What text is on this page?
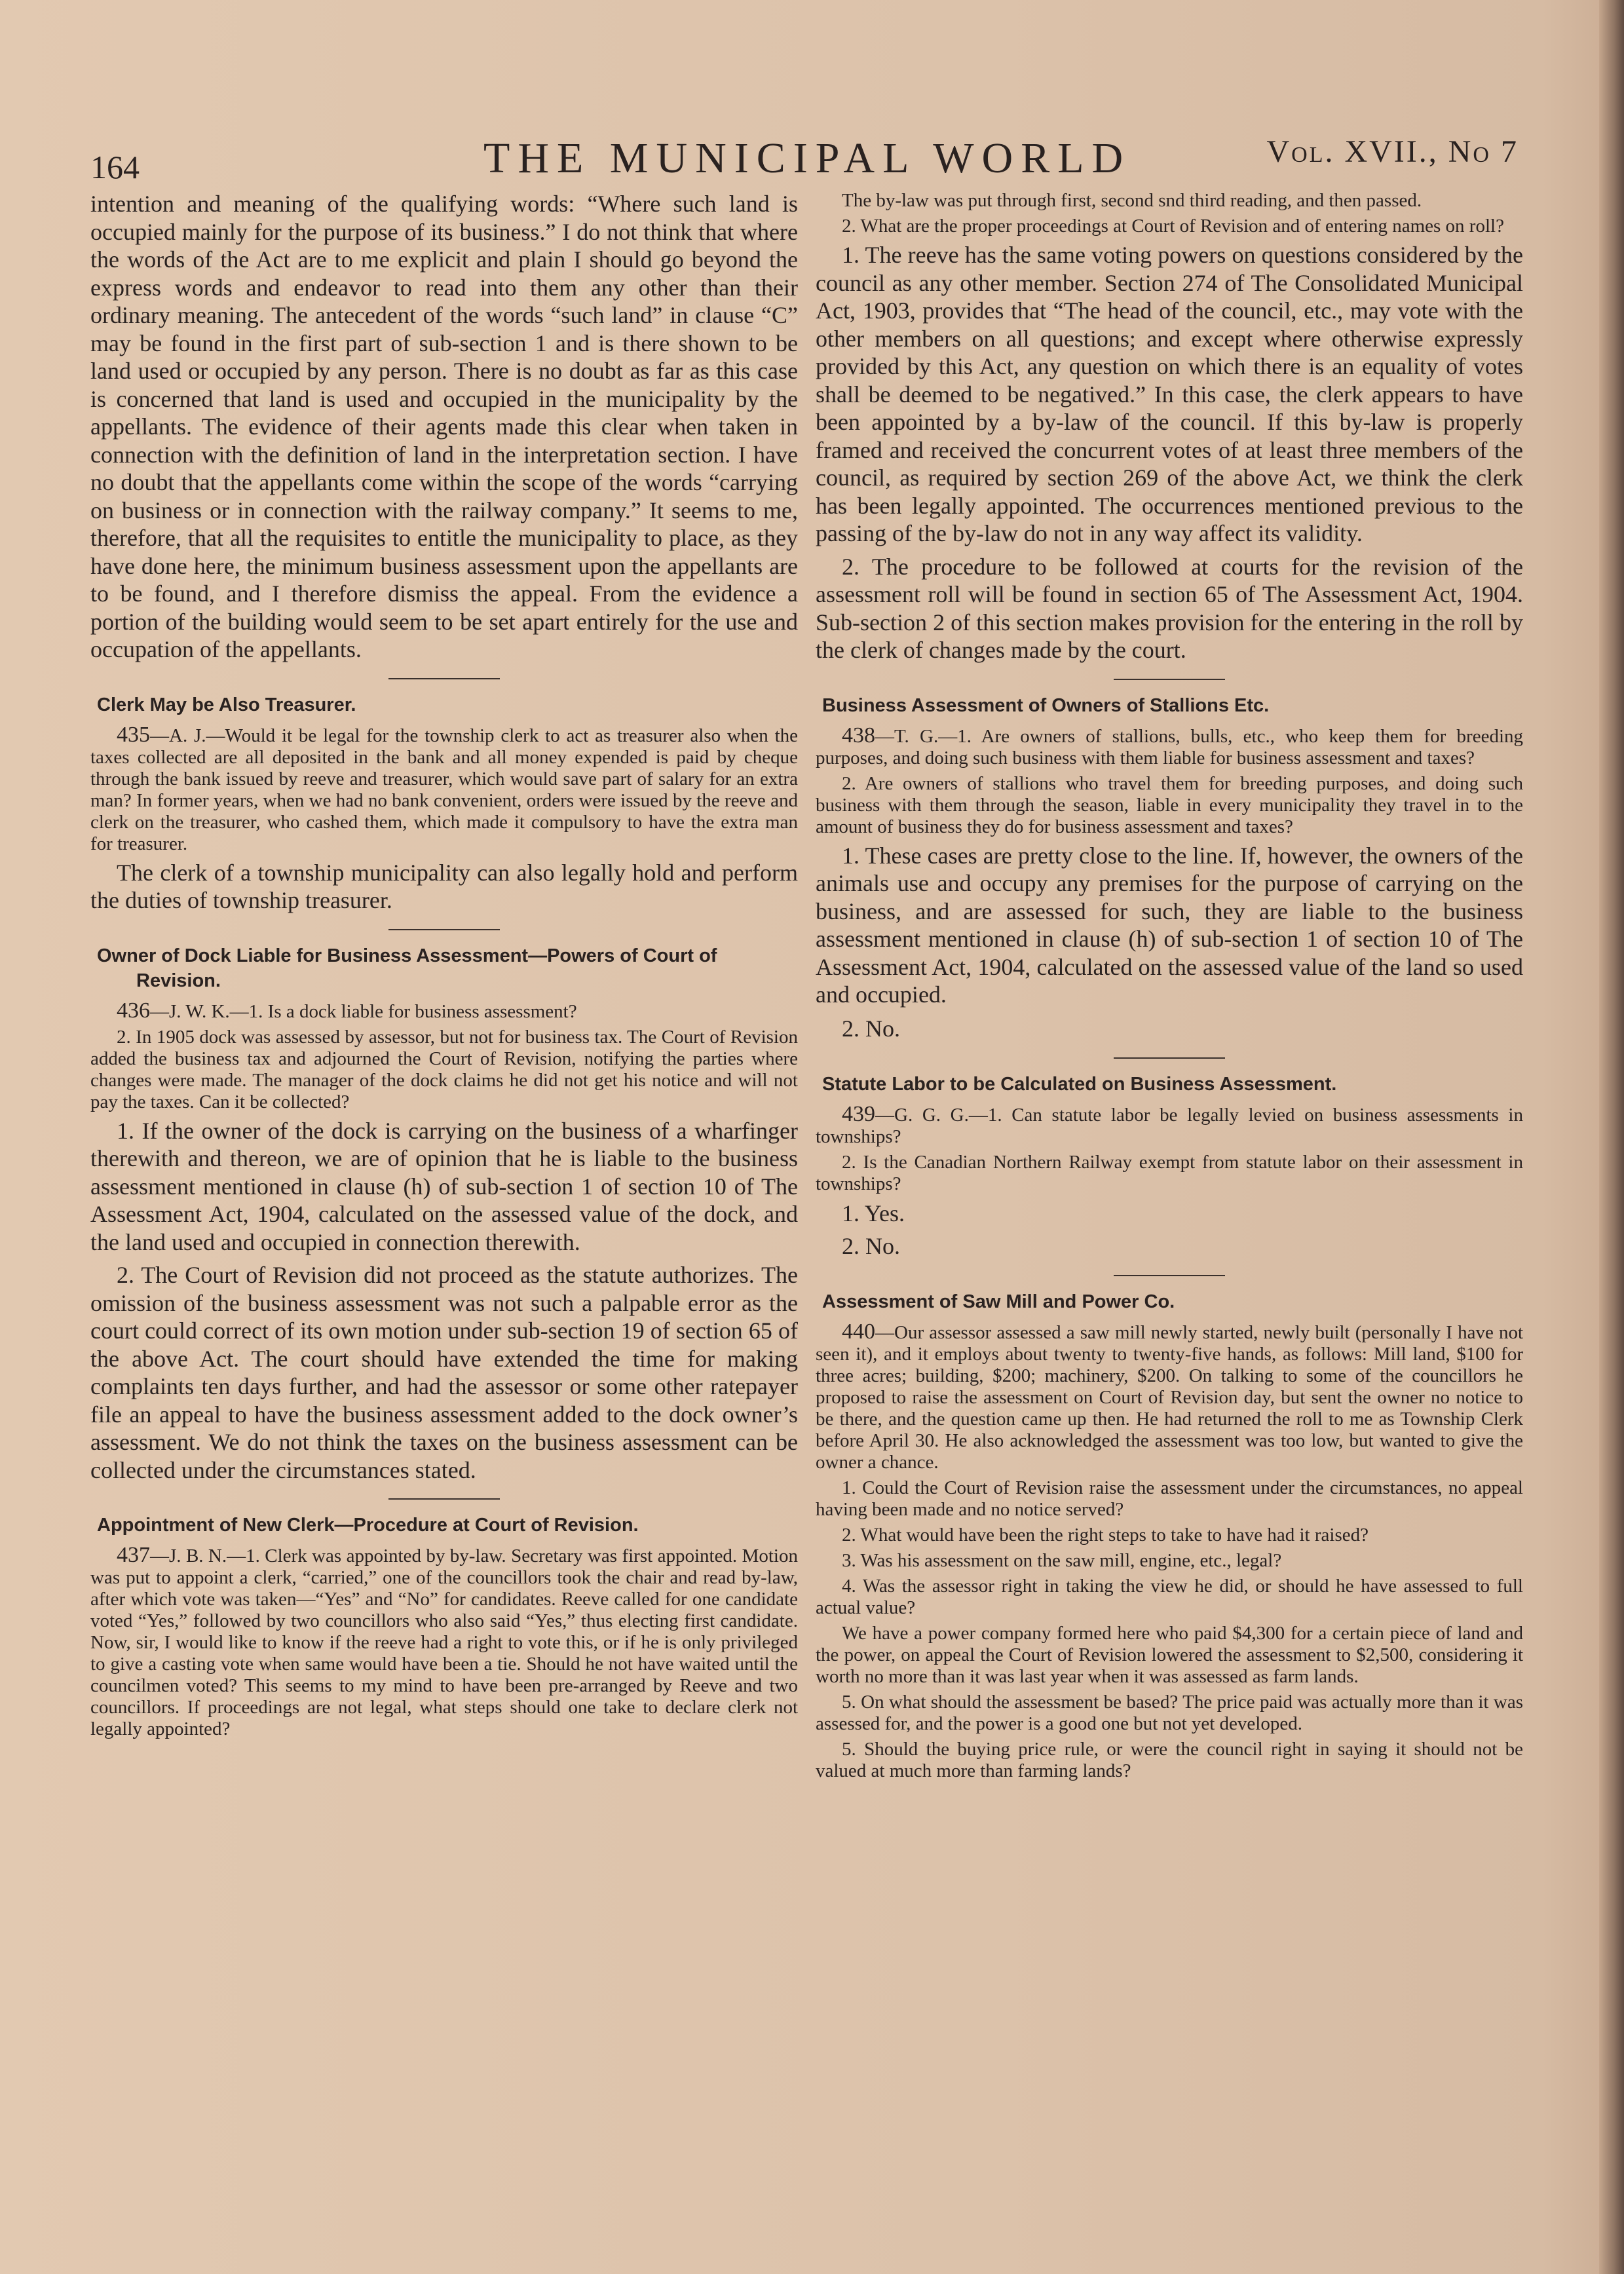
164	THE MUNICIPAL WORLD	Vol. XVII., No 7

intention and meaning of the qualifying words: “Where such land is occupied mainly for the purpose of its business.” I do not think that where the words of the Act are to me explicit and plain I should go beyond the express words and endeavor to read into them any other than their ordinary meaning. The antecedent of the words “such land” in clause “C” may be found in the first part of sub-section 1 and is there shown to be land used or occupied by any person. There is no doubt as far as this case is concerned that land is used and occupied in the municipality by the appellants. The evidence of their agents made this clear when taken in connection with the definition of land in the interpretation section. I have no doubt that the appellants come within the scope of the words “carrying on business or in connection with the railway company.” It seems to me, therefore, that all the requisites to entitle the municipality to place, as they have done here, the minimum business assessment upon the appellants are to be found, and I therefore dismiss the appeal. From the evidence a portion of the building would seem to be set apart entirely for the use and occupation of the appellants.

Clerk May be Also Treasurer.

435—A. J.—Would it be legal for the township clerk to act as treasurer also when the taxes collected are all deposited in the bank and all money expended is paid by cheque through the bank issued by reeve and treasurer, which would save part of salary for an extra man? In former years, when we had no bank convenient, orders were issued by the reeve and clerk on the treasurer, who cashed them, which made it compulsory to have the extra man for treasurer.

The clerk of a township municipality can also legally hold and perform the duties of township treasurer.

Owner of Dock Liable for Business Assessment—Powers of Court of Revision.

436—J. W. K.—1. Is a dock liable for business assessment?

2. In 1905 dock was assessed by assessor, but not for business tax. The Court of Revision added the business tax and adjourned the Court of Revision, notifying the parties where changes were made. The manager of the dock claims he did not get his notice and will not pay the taxes. Can it be collected?

1. If the owner of the dock is carrying on the business of a wharfinger therewith and thereon, we are of opinion that he is liable to the business assessment mentioned in clause (h) of sub-section 1 of section 10 of The Assessment Act, 1904, calculated on the assessed value of the dock, and the land used and occupied in connection therewith.

2. The Court of Revision did not proceed as the statute authorizes. The omission of the business assessment was not such a palpable error as the court could correct of its own motion under sub-section 19 of section 65 of the above Act. The court should have extended the time for making complaints ten days further, and had the assessor or some other ratepayer file an appeal to have the business assessment added to the dock owner’s assessment. We do not think the taxes on the business assessment can be collected under the circumstances stated.

Appointment of New Clerk—Procedure at Court of Revision.

437—J. B. N.—1. Clerk was appointed by by-law. Secretary was first appointed. Motion was put to appoint a clerk, “carried,” one of the councillors took the chair and read by-law, after which vote was taken—“Yes” and “No” for candidates. Reeve called for one candidate voted “Yes,” followed by two councillors who also said “Yes,” thus electing first candidate. Now, sir, I would like to know if the reeve had a right to vote this, or if he is only privileged to give a casting vote when same would have been a tie. Should he not have waited until the councilmen voted? This seems to my mind to have been pre-arranged by Reeve and two councillors. If proceedings are not legal, what steps should one take to declare clerk not legally appointed?

The by-law was put through first, second snd third reading, and then passed.

2. What are the proper proceedings at Court of Revision and of entering names on roll?

1. The reeve has the same voting powers on questions considered by the council as any other member. Section 274 of The Consolidated Municipal Act, 1903, provides that “The head of the council, etc., may vote with the other members on all questions; and except where otherwise expressly provided by this Act, any question on which there is an equality of votes shall be deemed to be negatived.” In this case, the clerk appears to have been appointed by a by-law of the council. If this by-law is properly framed and received the concurrent votes of at least three members of the council, as required by section 269 of the above Act, we think the clerk has been legally appointed. The occurrences mentioned previous to the passing of the by-law do not in any way affect its validity.

2. The procedure to be followed at courts for the revision of the assessment roll will be found in section 65 of The Assessment Act, 1904. Sub-section 2 of this section makes provision for the entering in the roll by the clerk of changes made by the court.

Business Assessment of Owners of Stallions Etc.

438—T. G.—1. Are owners of stallions, bulls, etc., who keep them for breeding purposes, and doing such business with them liable for business assessment and taxes?

2. Are owners of stallions who travel them for breeding purposes, and doing such business with them through the season, liable in every municipality they travel in to the amount of business they do for business assessment and taxes?

1. These cases are pretty close to the line. If, however, the owners of the animals use and occupy any premises for the purpose of carrying on the business, and are assessed for such, they are liable to the business assessment mentioned in clause (h) of sub-section 1 of section 10 of The Assessment Act, 1904, calculated on the assessed value of the land so used and occupied.

2. No.

Statute Labor to be Calculated on Business Assessment.

439—G. G. G.—1. Can statute labor be legally levied on business assessments in townships?

2. Is the Canadian Northern Railway exempt from statute labor on their assessment in townships?

1. Yes.

2. No.

Assessment of Saw Mill and Power Co.

440—Our assessor assessed a saw mill newly started, newly built (personally I have not seen it), and it employs about twenty to twenty-five hands, as follows: Mill land, $100 for three acres; building, $200; machinery, $200. On talking to some of the councillors he proposed to raise the assessment on Court of Revision day, but sent the owner no notice to be there, and the question came up then. He had returned the roll to me as Township Clerk before April 30. He also acknowledged the assessment was too low, but wanted to give the owner a chance.

1. Could the Court of Revision raise the assessment under the circumstances, no appeal having been made and no notice served?

2. What would have been the right steps to take to have had it raised?

3. Was his assessment on the saw mill, engine, etc., legal?

4. Was the assessor right in taking the view he did, or should he have assessed to full actual value?

We have a power company formed here who paid $4,300 for a certain piece of land and the power, on appeal the Court of Revision lowered the assessment to $2,500, considering it worth no more than it was last year when it was assessed as farm lands.

5. On what should the assessment be based? The price paid was actually more than it was assessed for, and the power is a good one but not yet developed.

5. Should the buying price rule, or were the council right in saying it should not be valued at much more than farming lands?
